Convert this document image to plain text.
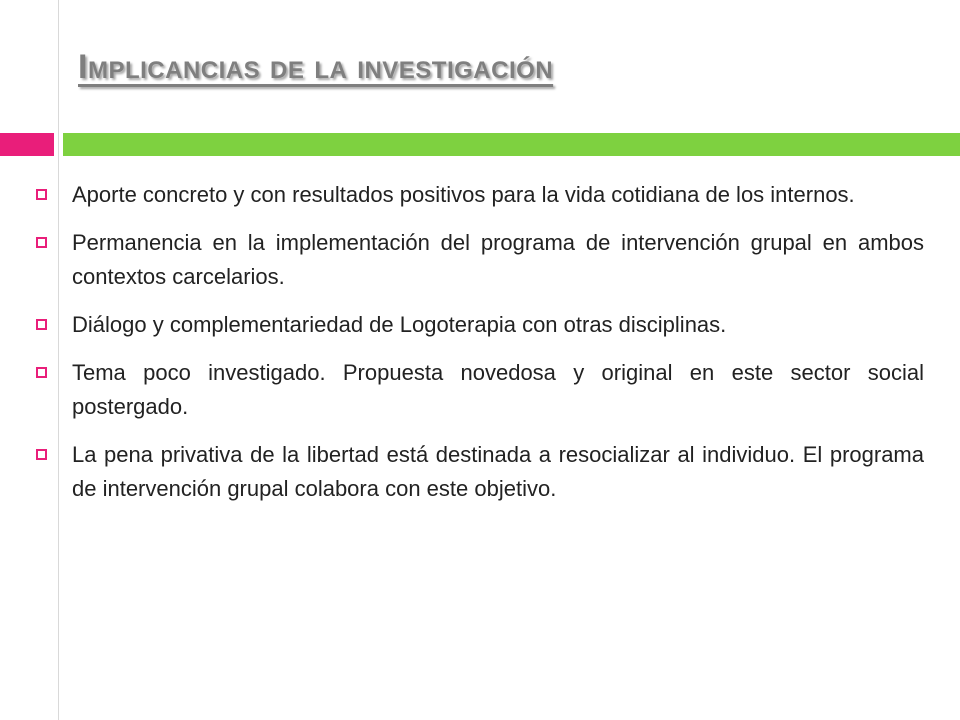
Implicancias de la investigación
Aporte concreto y con resultados positivos para la vida cotidiana de los internos.
Permanencia en la implementación del programa de intervención grupal en ambos contextos carcelarios.
Diálogo y complementariedad de Logoterapia con otras disciplinas.
Tema poco investigado. Propuesta novedosa y original en este sector social postergado.
La pena privativa de la libertad está destinada a resocializar al individuo. El programa de intervención grupal colabora con este objetivo.
